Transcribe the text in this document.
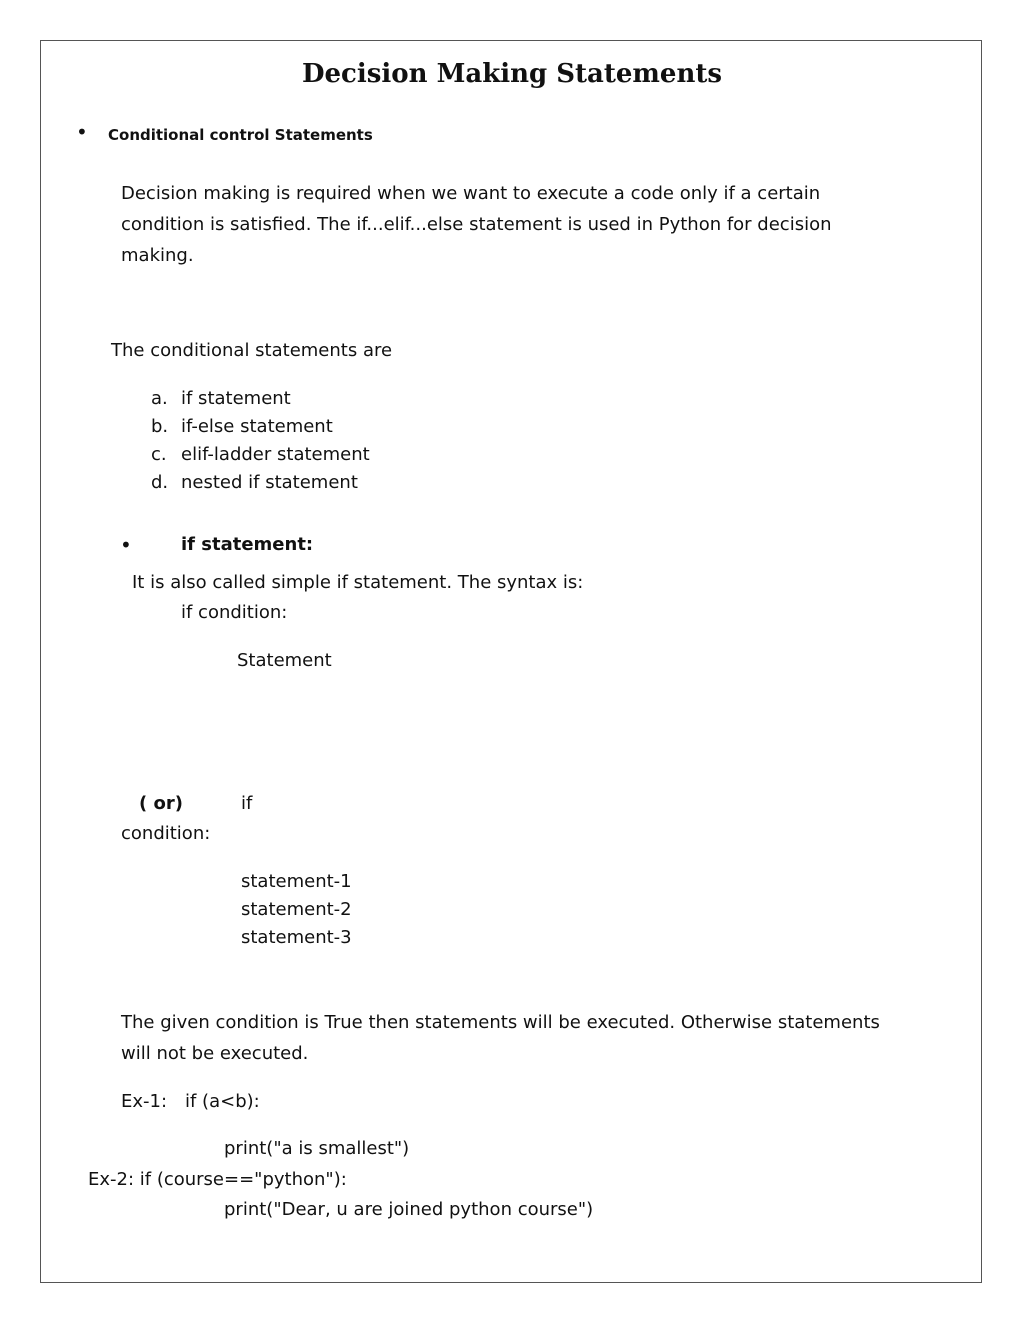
Decision Making Statements
• Conditional control Statements
Decision making is required when we want to execute a code only if a certain
condition is satisfied. The if...elif...else statement is used in Python for decision
making.
The conditional statements are
a. if statement
b. if-else statement
c. elif-ladder statement
d. nested if statement
•	if statement:
It is also called simple if statement. The syntax is:
if condition:
Statement
( or)	if
condition:
statement-1
statement-2
statement-3
The given condition is True then statements will be executed. Otherwise statements
will not be executed.
Ex-1: if (a<b):
print("a is smallest")
Ex-2: if (course=="python"):
print("Dear, u are joined python course")
